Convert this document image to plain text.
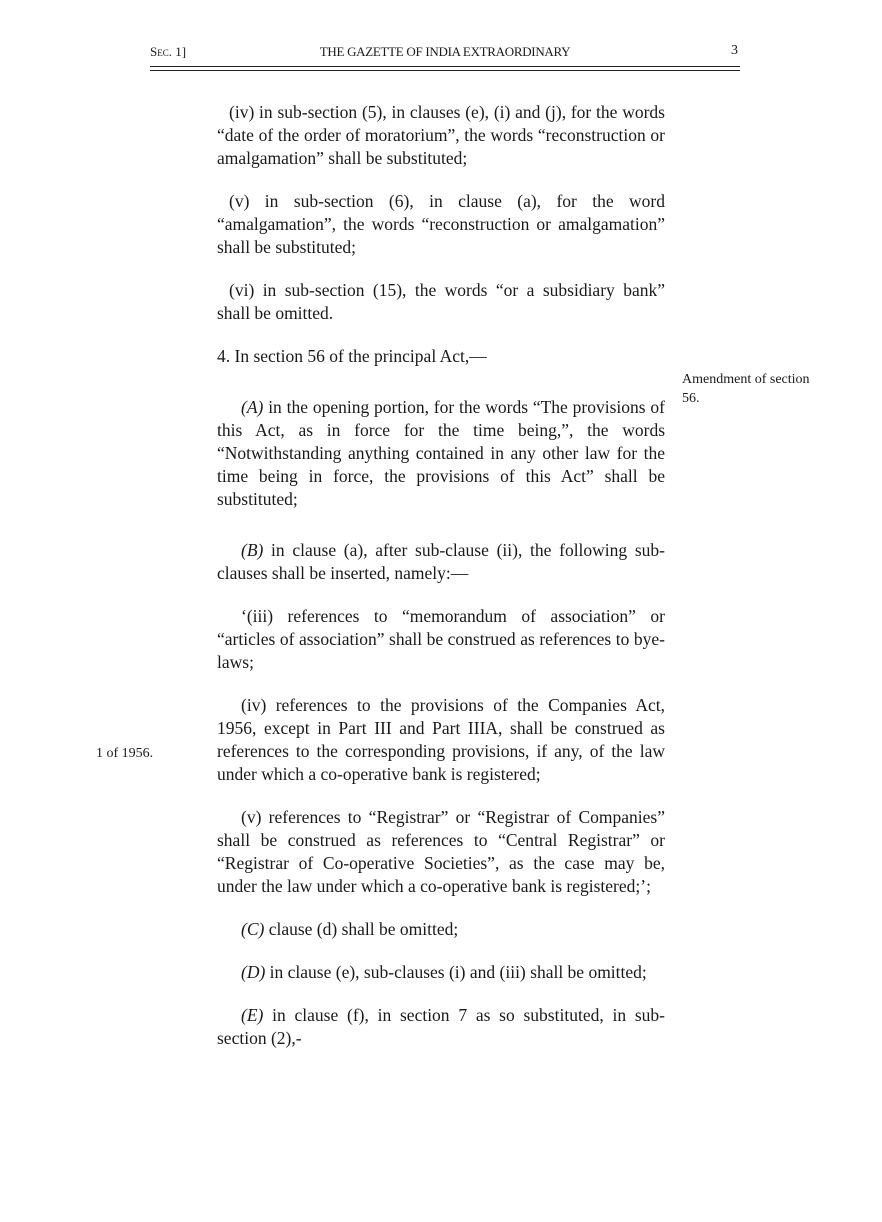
Sec. 1]	THE GAZETTE OF INDIA EXTRAORDINARY	3
Amendment of section 56.
1 of 1956.

(iv) in sub-section (5), in clauses (e), (i) and (j), for the words “date of the order of moratorium”, the words “reconstruction or amalgamation” shall be substituted;

(v) in sub-section (6), in clause (a), for the word “amalgamation”, the words “reconstruction or amalgamation” shall be substituted;

(vi) in sub-section (15), the words “or a subsidiary bank” shall be omitted.

4. In section 56 of the principal Act,—

(A) in the opening portion, for the words “The provisions of this Act, as in force for the time being,”, the words “Notwithstanding anything contained in any other law for the time being in force, the provisions of this Act” shall be substituted;

(B) in clause (a), after sub-clause (ii), the following sub-clauses shall be inserted, namely:—

‘(iii) references to “memorandum of association” or “articles of association” shall be construed as references to bye-laws;

(iv) references to the provisions of the Companies Act, 1956, except in Part III and Part IIIA, shall be construed as references to the corresponding provisions, if any, of the law under which a co-operative bank is registered;

(v) references to “Registrar” or “Registrar of Companies” shall be construed as references to “Central Registrar” or “Registrar of Co-operative Societies”, as the case may be, under the law under which a co-operative bank is registered;’;

(C) clause (d) shall be omitted;

(D) in clause (e), sub-clauses (i) and (iii) shall be omitted;

(E) in clause (f), in section 7 as so substituted, in sub-section (2),-
